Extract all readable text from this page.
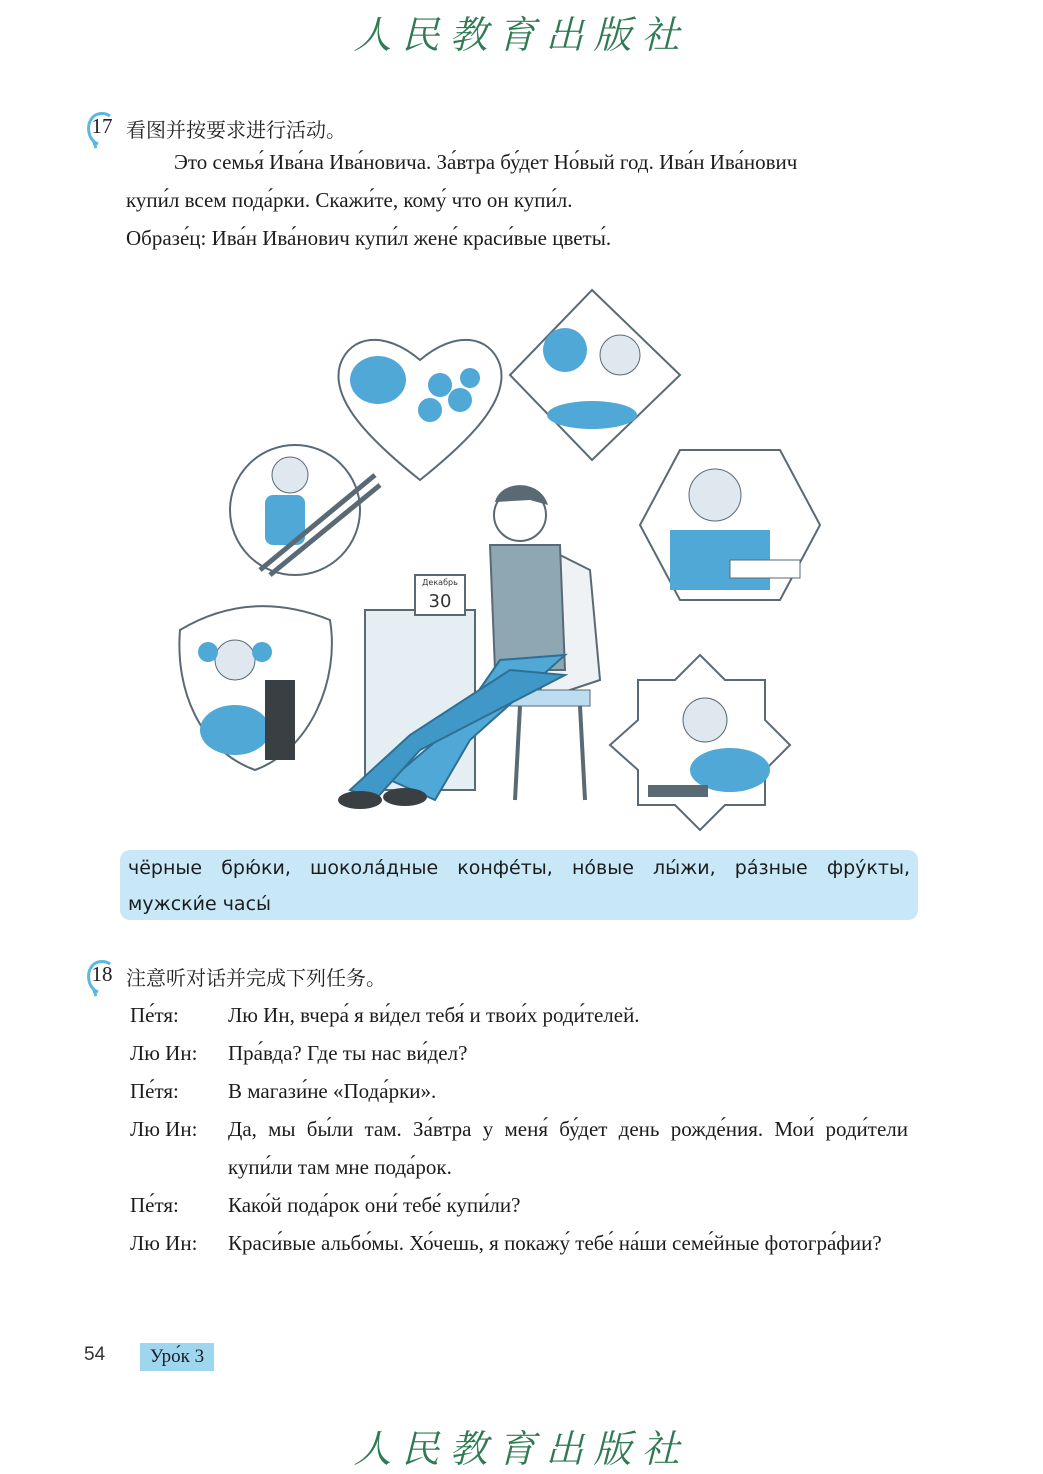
人民教育出版社
17 看图并按要求进行活动。
Это семья́ Ива́на Ива́новича. За́втра бу́дет Но́вый год. Ива́н Ива́нович
купи́л всем пода́рки. Скажи́те, кому́ что он купи́л.
Образе́ц: Ива́н Ива́нович купи́л жене́ краси́вые цветы́.
Декабрь
30
чёрные брю́ки, шокола́дные конфе́ты, но́вые лы́жи, ра́зные фру́кты, мужски́е часы́
18 注意听对话并完成下列任务。
Пе́тя:	Лю Ин, вчера́ я ви́дел тебя́ и твои́х роди́телей.
Лю Ин:	Пра́вда? Где ты нас ви́дел?
Пе́тя:	В магази́не «Пода́рки».
Лю Ин:	Да, мы бы́ли там. За́втра у меня́ бу́дет день рожде́ния. Мои́ роди́тели купи́ли там мне пода́рок.
Пе́тя:	Како́й пода́рок они́ тебе́ купи́ли?
Лю Ин:	Краси́вые альбо́мы. Хо́чешь, я покажу́ тебе́ на́ши семе́йные фотогра́фии?
54	Уро́к 3
人民教育出版社
